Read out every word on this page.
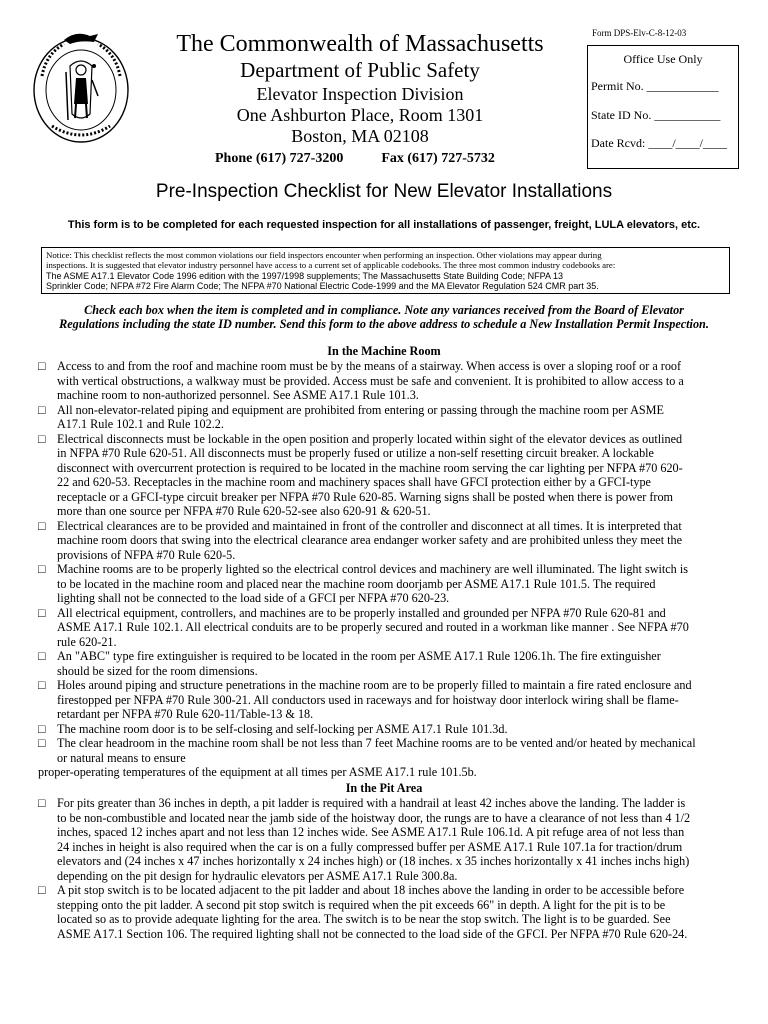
The Commonwealth of Massachusetts
Department of Public Safety
Elevator Inspection Division
One Ashburton Place, Room 1301
Boston, MA 02108
Phone (617) 727-3200	Fax (617) 727-5732
Form DPS-Elv-C-8-12-03
Office Use Only
Permit No. ____________
State ID No. ___________
Date Rcvd: ____/____/____
Pre-Inspection Checklist for New Elevator Installations
This form is to be completed for each requested inspection for all installations of passenger, freight, LULA elevators, etc.
Notice: This checklist reflects the most common violations our field inspectors encounter when performing an inspection. Other violations may appear during
inspections. It is suggested that elevator industry personnel have access to a current set of applicable codebooks. The three most common industry codebooks are:
The ASME A17.1 Elevator Code 1996 edition with the 1997/1998 supplements; The Massachusetts State Building Code; NFPA 13
Sprinkler Code; NFPA #72 Fire Alarm Code; The NFPA #70 National Electric Code-1999 and the MA Elevator Regulation 524 CMR part 35.
Check each box when the item is completed and in compliance. Note any variances received from the Board of Elevator
Regulations including the state ID number. Send this form to the above address to schedule a New Installation Permit Inspection.
In the Machine Room
□ Access to and from the roof and machine room must be by the means of a stairway. When access is over a sloping roof or a roof
with vertical obstructions, a walkway must be provided. Access must be safe and convenient. It is prohibited to allow access to a
machine room to non-authorized personnel. See ASME A17.1 Rule 101.3.
□ All non-elevator-related piping and equipment are prohibited from entering or passing through the machine room per ASME
A17.1 Rule 102.1 and Rule 102.2.
□ Electrical disconnects must be lockable in the open position and properly located within sight of the elevator devices as outlined
in NFPA #70 Rule 620-51. All disconnects must be properly fused or utilize a non-self resetting circuit breaker. A lockable
disconnect with overcurrent protection is required to be located in the machine room serving the car lighting per NFPA #70 620-
22 and 620-53. Receptacles in the machine room and machinery spaces shall have GFCI protection either by a GFCI-type
receptacle or a GFCI-type circuit breaker per NFPA #70 Rule 620-85. Warning signs shall be posted when there is power from
more than one source per NFPA #70 Rule 620-52-see also 620-91 & 620-51.
□ Electrical clearances are to be provided and maintained in front of the controller and disconnect at all times. It is interpreted that
machine room doors that swing into the electrical clearance area endanger worker safety and are prohibited unless they meet the
provisions of NFPA #70 Rule 620-5.
□ Machine rooms are to be properly lighted so the electrical control devices and machinery are well illuminated. The light switch is
to be located in the machine room and placed near the machine room doorjamb per ASME A17.1 Rule 101.5. The required
lighting shall not be connected to the load side of a GFCI per NFPA #70 620-23.
□ All electrical equipment, controllers, and machines are to be properly installed and grounded per NFPA #70 Rule 620-81 and
ASME A17.1 Rule 102.1. All electrical conduits are to be properly secured and routed in a workman like manner . See NFPA #70
rule 620-21.
□ An "ABC" type fire extinguisher is required to be located in the room per ASME A17.1 Rule 1206.1h. The fire extinguisher
should be sized for the room dimensions.
□ Holes around piping and structure penetrations in the machine room are to be properly filled to maintain a fire rated enclosure and
firestopped per NFPA #70 Rule 300-21. All conductors used in raceways and for hoistway door interlock wiring shall be flame-
retardant per NFPA #70 Rule 620-11/Table-13 & 18.
□ The machine room door is to be self-closing and self-locking per ASME A17.1 Rule 101.3d.
□ The clear headroom in the machine room shall be not less than 7 feet Machine rooms are to be vented and/or heated by mechanical
or natural means to ensure
proper-operating temperatures of the equipment at all times per ASME A17.1 rule 101.5b.
In the Pit Area
□ For pits greater than 36 inches in depth, a pit ladder is required with a handrail at least 42 inches above the landing. The ladder is
to be non-combustible and located near the jamb side of the hoistway door, the rungs are to have a clearance of not less than 4 1/2
inches, spaced 12 inches apart and not less than 12 inches wide. See ASME A17.1 Rule 106.1d. A pit refuge area of not less than
24 inches in height is also required when the car is on a fully compressed buffer per ASME A17.1 Rule 107.1a for traction/drum
elevators and (24 inches x 47 inches horizontally x 24 inches high) or (18 inches. x 35 inches horizontally x 41 inches inchs high)
depending on the pit design for hydraulic elevators per ASME A17.1 Rule 300.8a.
□ A pit stop switch is to be located adjacent to the pit ladder and about 18 inches above the landing in order to be accessible before
stepping onto the pit ladder. A second pit stop switch is required when the pit exceeds 66" in depth. A light for the pit is to be
located so as to provide adequate lighting for the area. The switch is to be near the stop switch. The light is to be guarded. See
ASME A17.1 Section 106. The required lighting shall not be connected to the load side of the GFCI. Per NFPA #70 Rule 620-24.
